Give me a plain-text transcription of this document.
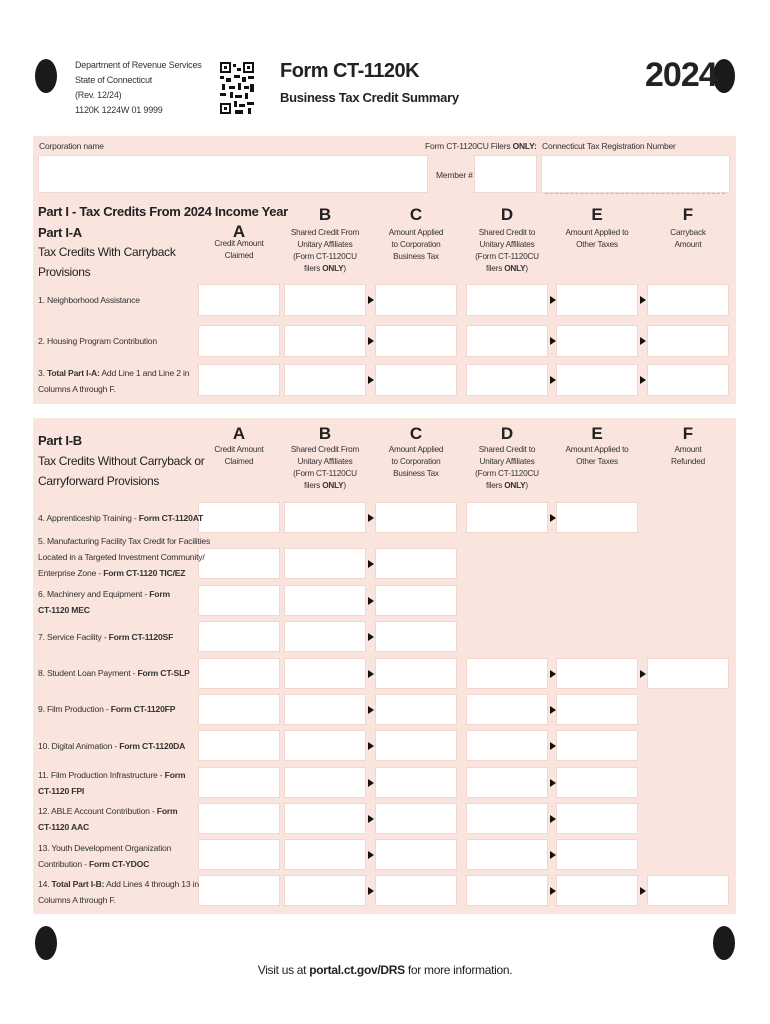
Department of Revenue Services
State of Connecticut
(Rev. 12/24)
1120K 1224W 01 9999
Form CT-1120K
Business Tax Credit Summary
2024
Corporation name	Form CT-1120CU Filers ONLY:
Member #
Connecticut Tax Registration Number
Part I - Tax Credits From 2024 Income Year
Part I-A
Tax Credits With Carryback
Provisions
Part I-B
Tax Credits Without Carryback or
Carryforward Provisions
Visit us at portal.ct.gov/DRS for more information.
A
Credit Amount
Claimed
B
Shared Credit From
Unitary Affiliates
(Form CT-1120CU
filers ONLY)
C
Amount Applied
to Corporation
Business Tax
D
Shared Credit to
Unitary Affiliates
(Form CT-1120CU
filers ONLY)
E
Amount Applied to
Other Taxes
F
Carryback
Amount
A
Credit Amount
Claimed
B
Shared Credit From
Unitary Affiliates
(Form CT-1120CU
filers ONLY)
C
Amount Applied
to Corporation
Business Tax
D
Shared Credit to
Unitary Affiliates
(Form CT-1120CU
filers ONLY)
E
Amount Applied to
Other Taxes
F
Amount
Refunded
1. Neighborhood Assistance
2. Housing Program Contribution
3. Total Part I-A: Add Line 1 and Line 2 in
Columns A through F.
4. Apprenticeship Training - Form CT-1120AT
5. Manufacturing Facility Tax Credit for Facilities
Located in a Targeted Investment Community/
Enterprise Zone - Form CT-1120 TIC/EZ
6. Machinery and Equipment - Form
CT-1120 MEC
7. Service Facility - Form CT-1120SF
8. Student Loan Payment - Form CT-SLP
9. Film Production - Form CT-1120FP
10. Digital Animation - Form CT-1120DA
11. Film Production Infrastructure - Form
CT-1120 FPI
12. ABLE Account Contribution - Form
CT-1120 AAC
13. Youth Development Organization
Contribution - Form CT-YDOC
14. Total Part I-B: Add Lines 4 through 13 in
Columns A through F.
